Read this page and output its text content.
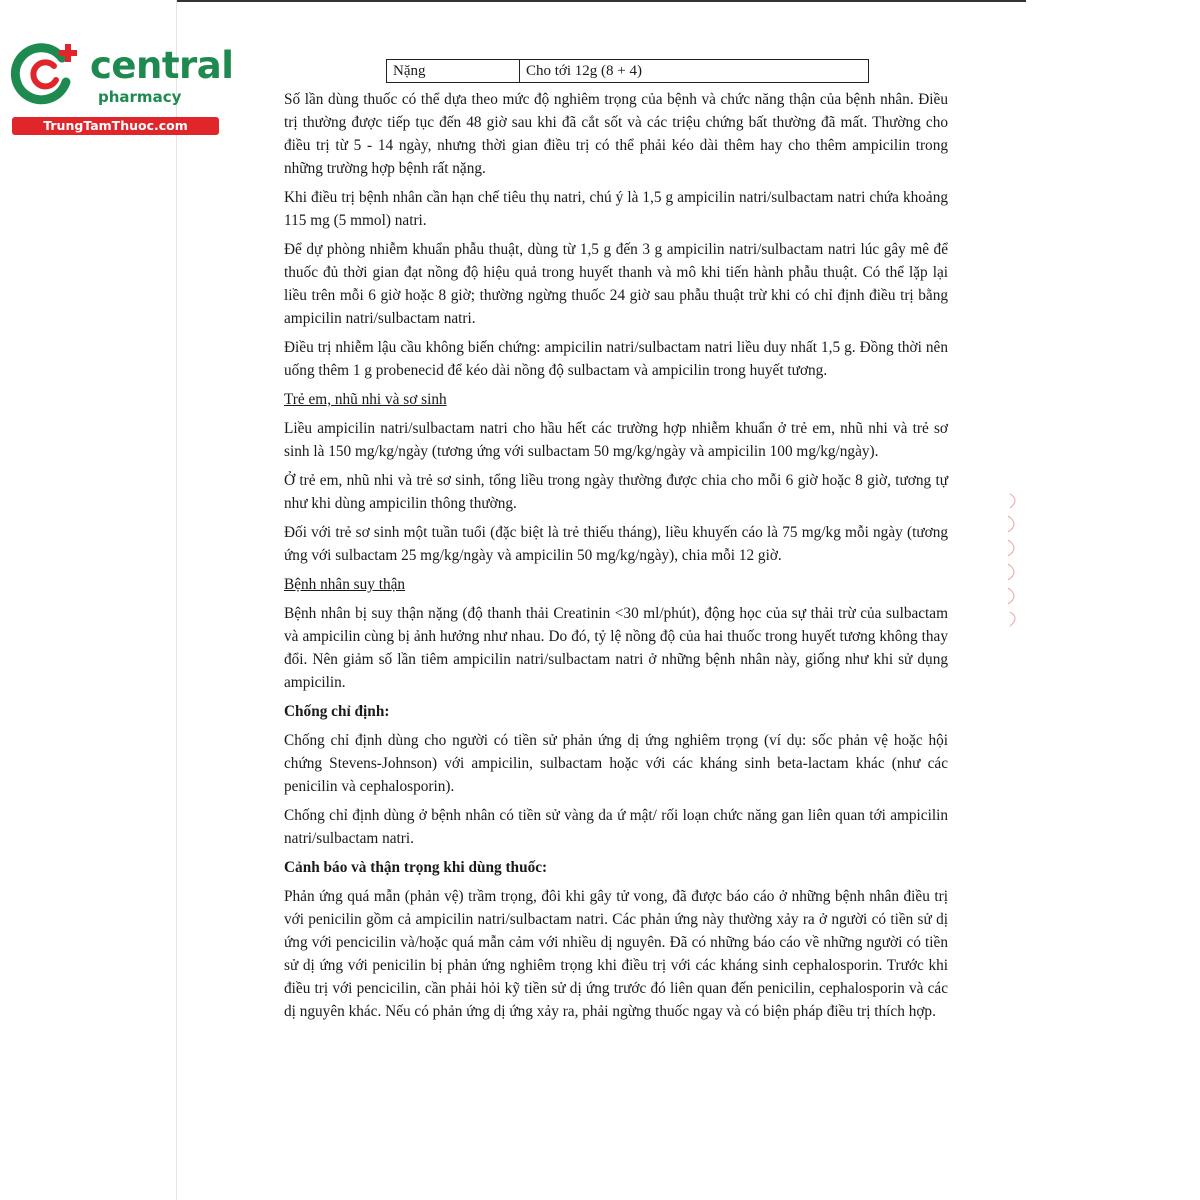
central
pharmacy
TrungTamThuoc.com
Nặng	Cho tới 12g (8 + 4)

Số lần dùng thuốc có thể dựa theo mức độ nghiêm trọng của bệnh và chức năng thận của bệnh nhân. Điều trị thường được tiếp tục đến 48 giờ sau khi đã cắt sốt và các triệu chứng bất thường đã mất. Thường cho điều trị từ 5 - 14 ngày, nhưng thời gian điều trị có thể phải kéo dài thêm hay cho thêm ampicilin trong những trường hợp bệnh rất nặng.

Khi điều trị bệnh nhân cần hạn chế tiêu thụ natri, chú ý là 1,5 g ampicilin natri/sulbactam natri chứa khoảng 115 mg (5 mmol) natri.

Để dự phòng nhiễm khuẩn phẫu thuật, dùng từ 1,5 g đến 3 g ampicilin natri/sulbactam natri lúc gây mê để thuốc đủ thời gian đạt nồng độ hiệu quả trong huyết thanh và mô khi tiến hành phẫu thuật. Có thể lặp lại liều trên mỗi 6 giờ hoặc 8 giờ; thường ngừng thuốc 24 giờ sau phẫu thuật trừ khi có chỉ định điều trị bằng ampicilin natri/sulbactam natri.

Điều trị nhiễm lậu cầu không biến chứng: ampicilin natri/sulbactam natri liều duy nhất 1,5 g. Đồng thời nên uống thêm 1 g probenecid để kéo dài nồng độ sulbactam và ampicilin trong huyết tương.

Trẻ em, nhũ nhi và sơ sinh

Liều ampicilin natri/sulbactam natri cho hầu hết các trường hợp nhiễm khuẩn ở trẻ em, nhũ nhi và trẻ sơ sinh là 150 mg/kg/ngày (tương ứng với sulbactam 50 mg/kg/ngày và ampicilin 100 mg/kg/ngày).

Ở trẻ em, nhũ nhi và trẻ sơ sinh, tổng liều trong ngày thường được chia cho mỗi 6 giờ hoặc 8 giờ, tương tự như khi dùng ampicilin thông thường.

Đối với trẻ sơ sinh một tuần tuổi (đặc biệt là trẻ thiếu tháng), liều khuyến cáo là 75 mg/kg mỗi ngày (tương ứng với sulbactam 25 mg/kg/ngày và ampicilin 50 mg/kg/ngày), chia mỗi 12 giờ.

Bệnh nhân suy thận

Bệnh nhân bị suy thận nặng (độ thanh thải Creatinin <30 ml/phút), động học của sự thải trừ của sulbactam và ampicilin cùng bị ảnh hưởng như nhau. Do đó, tỷ lệ nồng độ của hai thuốc trong huyết tương không thay đổi. Nên giảm số lần tiêm ampicilin natri/sulbactam natri ở những bệnh nhân này, giống như khi sử dụng ampicilin.

Chống chỉ định:

Chống chỉ định dùng cho người có tiền sử phản ứng dị ứng nghiêm trọng (ví dụ: sốc phản vệ hoặc hội chứng Stevens-Johnson) với ampicilin, sulbactam hoặc với các kháng sinh beta-lactam khác (như các penicilin và cephalosporin).

Chống chỉ định dùng ở bệnh nhân có tiền sử vàng da ứ mật/ rối loạn chức năng gan liên quan tới ampicilin natri/sulbactam natri.

Cảnh báo và thận trọng khi dùng thuốc:

Phản ứng quá mẫn (phản vệ) trầm trọng, đôi khi gây tử vong, đã được báo cáo ở những bệnh nhân điều trị với penicilin gồm cả ampicilin natri/sulbactam natri. Các phản ứng này thường xảy ra ở người có tiền sử dị ứng với pencicilin và/hoặc quá mẫn cảm với nhiều dị nguyên. Đã có những báo cáo về những người có tiền sử dị ứng với penicilin bị phản ứng nghiêm trọng khi điều trị với các kháng sinh cephalosporin. Trước khi điều trị với pencicilin, cần phải hỏi kỹ tiền sử dị ứng trước đó liên quan đến penicilin, cephalosporin và các dị nguyên khác. Nếu có phản ứng dị ứng xảy ra, phải ngừng thuốc ngay và có biện pháp điều trị thích hợp.
